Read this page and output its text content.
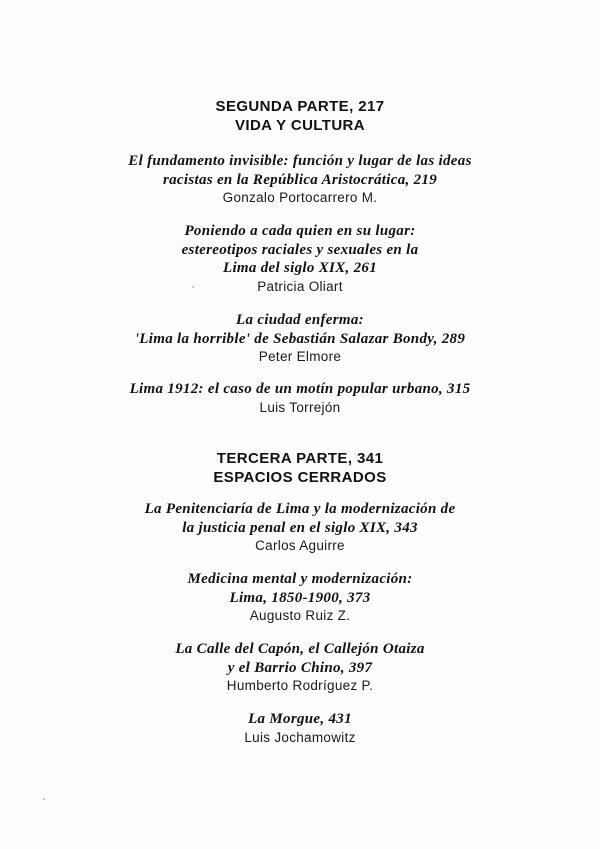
SEGUNDA PARTE, 217
VIDA Y CULTURA
El fundamento invisible: función y lugar de las ideas
racistas en la República Aristocrática, 219
Gonzalo Portocarrero M.
Poniendo a cada quien en su lugar:
estereotipos raciales y sexuales en la
Lima del siglo XIX, 261
Patricia Oliart
La ciudad enferma:
'Lima la horrible' de Sebastián Salazar Bondy, 289
Peter Elmore
Lima 1912: el caso de un motín popular urbano, 315
Luis Torrejón
TERCERA PARTE, 341
ESPACIOS CERRADOS
La Penitenciaría de Lima y la modernización de
la justicia penal en el siglo XIX, 343
Carlos Aguirre
Medicina mental y modernización:
Lima, 1850-1900, 373
Augusto Ruiz Z.
La Calle del Capón, el Callejón Otaiza
y el Barrio Chino, 397
Humberto Rodríguez P.
La Morgue, 431
Luis Jochamowitz
